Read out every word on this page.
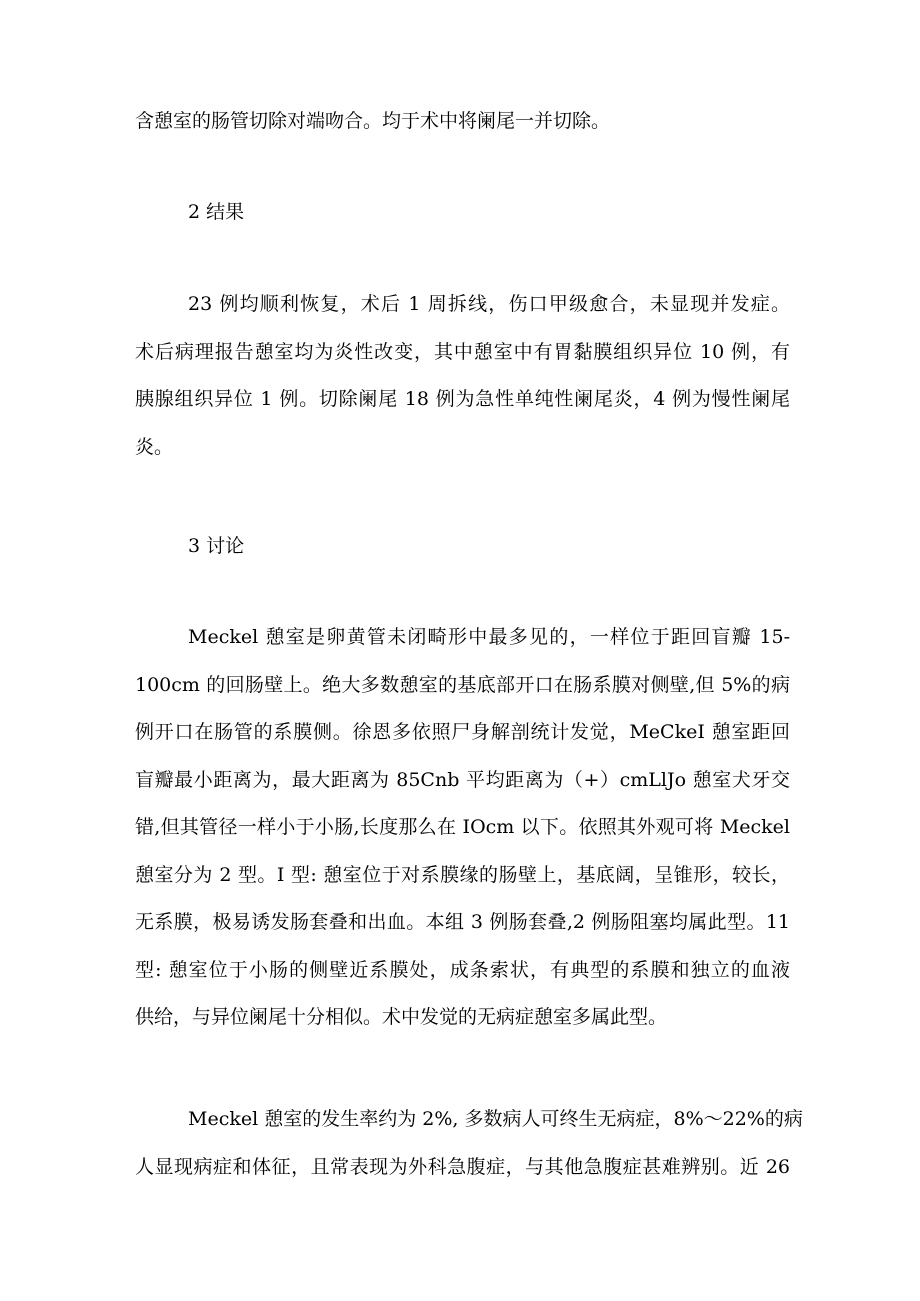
含憩室的肠管切除对端吻合。均于术中将阑尾一并切除。
2 结果
23 例均顺利恢复，术后 1 周拆线，伤口甲级愈合，未显现并发症。
术后病理报告憩室均为炎性改变，其中憩室中有胃黏膜组织异位 10 例，有
胰腺组织异位 1 例。切除阑尾 18 例为急性单纯性阑尾炎，4 例为慢性阑尾
炎。
3 讨论
Meckel 憩室是卵黄管未闭畸形中最多见的，一样位于距回盲瓣 15-
100cm 的回肠壁上。绝大多数憩室的基底部开口在肠系膜对侧壁,但 5%的病
例开口在肠管的系膜侧。徐恩多依照尸身解剖统计发觉，MeCkeI 憩室距回
盲瓣最小距离为，最大距离为 85Cnb 平均距离为（+）cmLlJo 憩室犬牙交
错,但其管径一样小于小肠,长度那么在 IOcm 以下。依照其外观可将 Meckel
憩室分为 2 型。I 型: 憩室位于对系膜缘的肠壁上，基底阔，呈锥形，较长，
无系膜，极易诱发肠套叠和出血。本组 3 例肠套叠,2 例肠阻塞均属此型。11
型: 憩室位于小肠的侧壁近系膜处，成条索状，有典型的系膜和独立的血液
供给，与异位阑尾十分相似。术中发觉的无病症憩室多属此型。
Meckel 憩室的发生率约为 2%, 多数病人可终生无病症，8%～22%的病
人显现病症和体征，且常表现为外科急腹症，与其他急腹症甚难辨别。近 26
